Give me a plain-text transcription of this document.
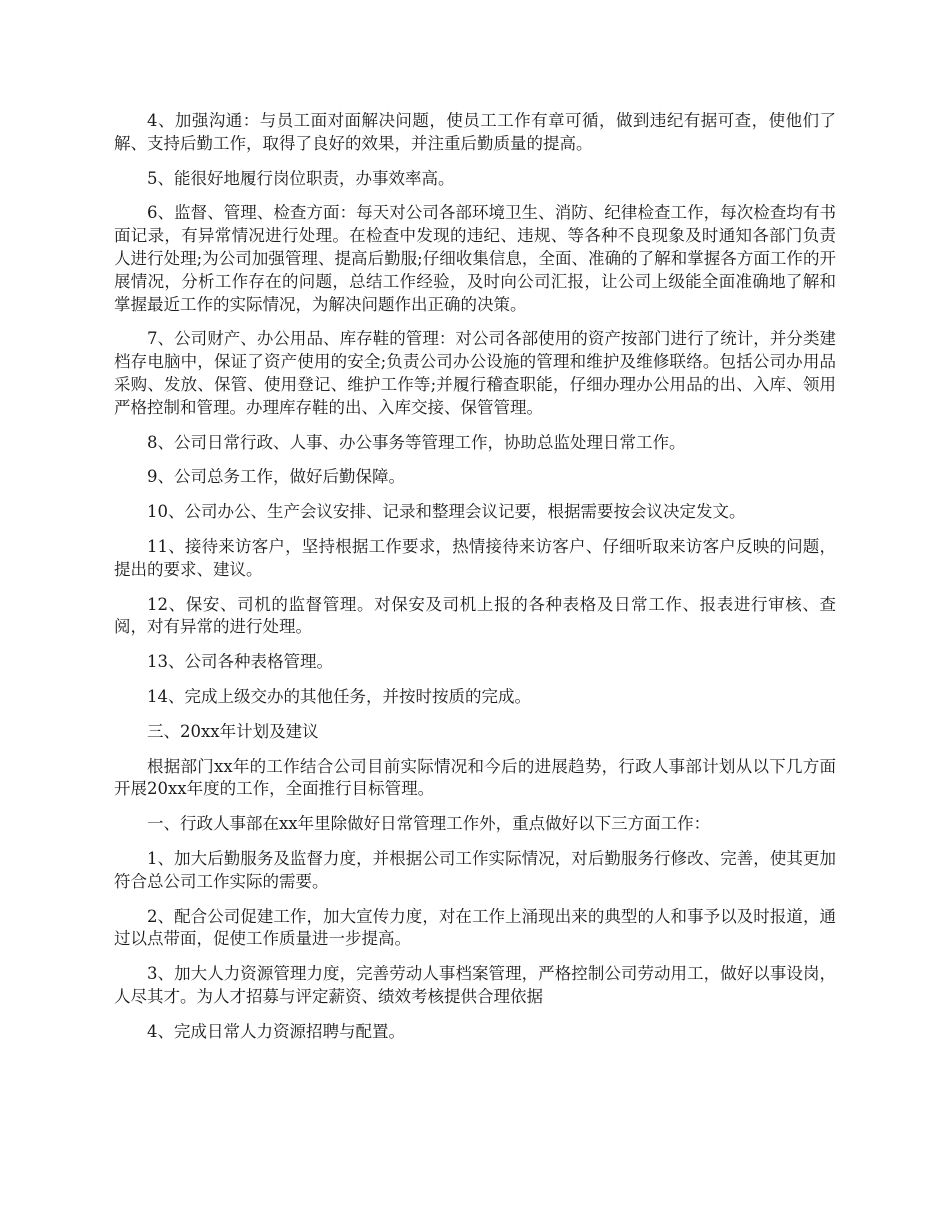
4、加强沟通：与员工面对面解决问题，使员工工作有章可循，做到违纪有据可查，使他们了解、支持后勤工作，取得了良好的效果，并注重后勤质量的提高。

5、能很好地履行岗位职责，办事效率高。

6、监督、管理、检查方面：每天对公司各部环境卫生、消防、纪律检查工作，每次检查均有书面记录，有异常情况进行处理。在检查中发现的违纪、违规、等各种不良现象及时通知各部门负责人进行处理;为公司加强管理、提高后勤服;仔细收集信息，全面、准确的了解和掌握各方面工作的开展情况，分析工作存在的问题，总结工作经验，及时向公司汇报，让公司上级能全面准确地了解和掌握最近工作的实际情况，为解决问题作出正确的决策。

7、公司财产、办公用品、库存鞋的管理：对公司各部使用的资产按部门进行了统计，并分类建档存电脑中，保证了资产使用的安全;负责公司办公设施的管理和维护及维修联络。包括公司办用品采购、发放、保管、使用登记、维护工作等;并履行稽查职能，仔细办理办公用品的出、入库、领用严格控制和管理。办理库存鞋的出、入库交接、保管管理。

8、公司日常行政、人事、办公事务等管理工作，协助总监处理日常工作。

9、公司总务工作，做好后勤保障。

10、公司办公、生产会议安排、记录和整理会议记要，根据需要按会议决定发文。

11、接待来访客户，坚持根据工作要求，热情接待来访客户、仔细听取来访客户反映的问题，提出的要求、建议。

12、保安、司机的监督管理。对保安及司机上报的各种表格及日常工作、报表进行审核、查阅，对有异常的进行处理。

13、公司各种表格管理。

14、完成上级交办的其他任务，并按时按质的完成。

三、20xx年计划及建议

根据部门xx年的工作结合公司目前实际情况和今后的进展趋势，行政人事部计划从以下几方面开展20xx年度的工作，全面推行目标管理。

一、行政人事部在xx年里除做好日常管理工作外，重点做好以下三方面工作：

1、加大后勤服务及监督力度，并根据公司工作实际情况，对后勤服务行修改、完善，使其更加符合总公司工作实际的需要。

2、配合公司促建工作，加大宣传力度，对在工作上涌现出来的典型的人和事予以及时报道，通过以点带面，促使工作质量进一步提高。

3、加大人力资源管理力度，完善劳动人事档案管理，严格控制公司劳动用工，做好以事设岗，人尽其才。为人才招募与评定薪资、绩效考核提供合理依据

4、完成日常人力资源招聘与配置。
